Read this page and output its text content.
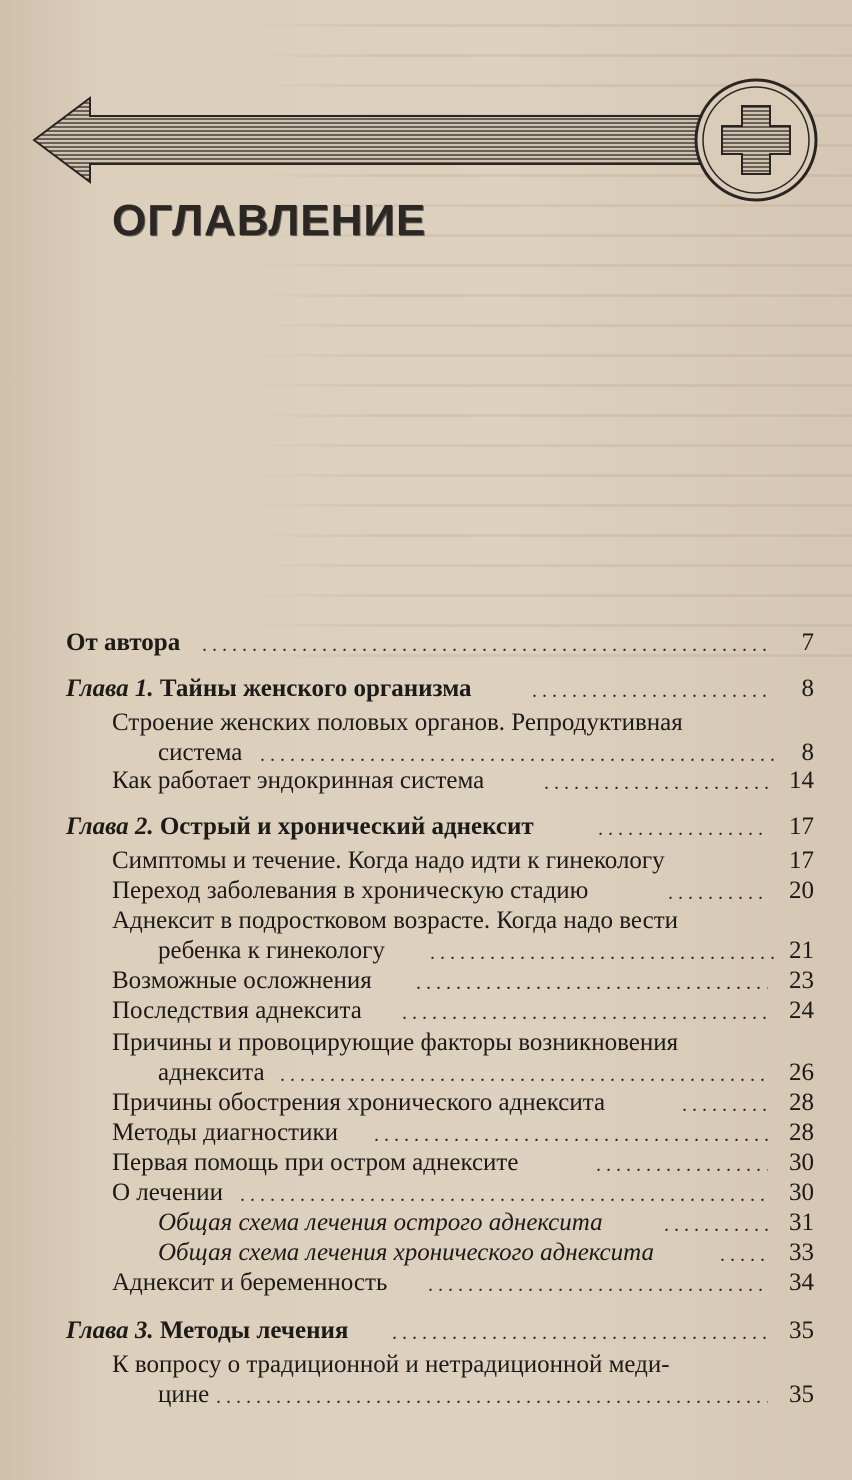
ОГЛАВЛЕНИЕ
От автора . . .	7
Глава 1. Тайны женского организма . . .	8
Строение женских половых органов. Репродуктивная
система . . .	8
Как работает эндокринная система . . .	14
Глава 2. Острый и хронический аднексит . . .	17
Симптомы и течение. Когда надо идти к гинекологу	17
Переход заболевания в хроническую стадию . . .	20
Аднексит в подростковом возрасте. Когда надо вести
ребенка к гинекологу . . .	21
Возможные осложнения . . .	23
Последствия аднексита . . .	24
Причины и провоцирующие факторы возникновения
аднексита . . .	26
Причины обострения хронического аднексита . . .	28
Методы диагностики . . .	28
Первая помощь при остром аднексите . . .	30
О лечении . . .	30
Общая схема лечения острого аднексита . . .	31
Общая схема лечения хронического аднексита . . .	33
Аднексит и беременность . . .	34
Глава 3. Методы лечения . . .	35
К вопросу о традиционной и нетрадиционной меди-
цине . . .	35
